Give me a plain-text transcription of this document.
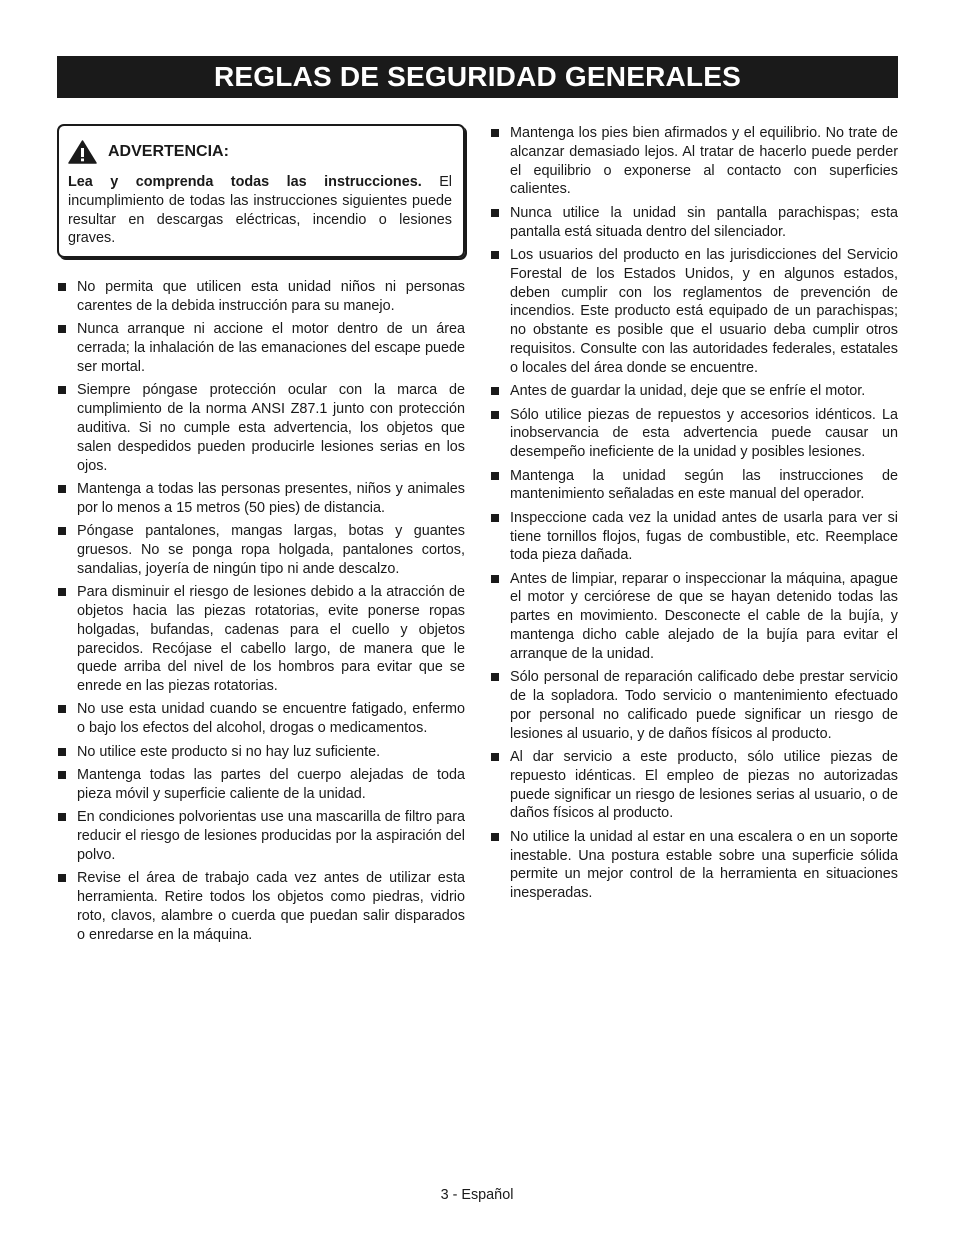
REGLAS DE SEGURIDAD GENERALES
ADVERTENCIA:
Lea y comprenda todas las instrucciones. El incumplimiento de todas las instrucciones siguientes puede resultar en descargas eléctricas, incendio o lesiones graves.
No permita que utilicen esta unidad niños ni personas carentes de la debida instrucción para su manejo.
Nunca arranque ni accione el motor dentro de un área cerrada; la inhalación de las emanaciones del escape puede ser mortal.
Siempre póngase protección ocular con la marca de cumplimiento de la norma ANSI Z87.1 junto con protección auditiva. Si no cumple esta advertencia, los objetos que salen despedidos pueden producirle lesiones serias en los ojos.
Mantenga a todas las personas presentes, niños y animales por lo menos a 15 metros (50 pies) de distancia.
Póngase pantalones, mangas largas, botas y guantes gruesos. No se ponga ropa holgada, pantalones cortos, sandalias, joyería de ningún tipo ni ande descalzo.
Para disminuir el riesgo de lesiones debido a la atracción de objetos hacia las piezas rotatorias, evite ponerse ropas holgadas, bufandas, cadenas para el cuello y objetos parecidos. Recójase el cabello largo, de manera que le quede arriba del nivel de los hombros para evitar que se enrede en las piezas rotatorias.
No use esta unidad cuando se encuentre fatigado, enfermo o bajo los efectos del alcohol, drogas o medicamentos.
No utilice este producto si no hay luz suficiente.
Mantenga todas las partes del cuerpo alejadas de toda pieza móvil y superficie caliente de la unidad.
En condiciones polvorientas use una mascarilla de filtro para reducir el riesgo de lesiones producidas por la aspiración del polvo.
Revise el área de trabajo cada vez antes de utilizar esta herramienta. Retire todos los objetos como piedras, vidrio roto, clavos, alambre o cuerda que puedan salir disparados o enredarse en la máquina.
Mantenga los pies bien afirmados y el equilibrio. No trate de alcanzar demasiado lejos. Al tratar de hacerlo puede perder el equilibrio o exponerse al contacto con superficies calientes.
Nunca utilice la unidad sin pantalla parachispas; esta pantalla está situada dentro del silenciador.
Los usuarios del producto en las jurisdicciones del Servicio Forestal de los Estados Unidos, y en algunos estados, deben cumplir con los reglamentos de prevención de incendios. Este producto está equipado de un parachispas; no obstante es posible que el usuario deba cumplir otros requisitos. Consulte con las autoridades federales, estatales o locales del área donde se encuentre.
Antes de guardar la unidad, deje que se enfríe el motor.
Sólo utilice piezas de repuestos y accesorios idénticos. La inobservancia de esta advertencia puede causar un desempeño ineficiente de la unidad y posibles lesiones.
Mantenga la unidad según las instrucciones de mantenimiento señaladas en este manual del operador.
Inspeccione cada vez la unidad antes de usarla para ver si tiene tornillos flojos, fugas de combustible, etc. Reemplace toda pieza dañada.
Antes de limpiar, reparar o inspeccionar la máquina, apague el motor y cerciórese de que se hayan detenido todas las partes en movimiento. Desconecte el cable de la bujía, y mantenga dicho cable alejado de la bujía para evitar el arranque de la unidad.
Sólo personal de reparación calificado debe prestar servicio de la sopladora. Todo servicio o mantenimiento efectuado por personal no calificado puede significar un riesgo de lesiones al usuario, y de daños físicos al producto.
Al dar servicio a este producto, sólo utilice piezas de repuesto idénticas. El empleo de piezas no autorizadas puede significar un riesgo de lesiones serias al usuario, o de daños físicos al producto.
No utilice la unidad al estar en una escalera o en un soporte inestable. Una postura estable sobre una superficie sólida permite un mejor control de la herramienta en situaciones inesperadas.
3 - Español
